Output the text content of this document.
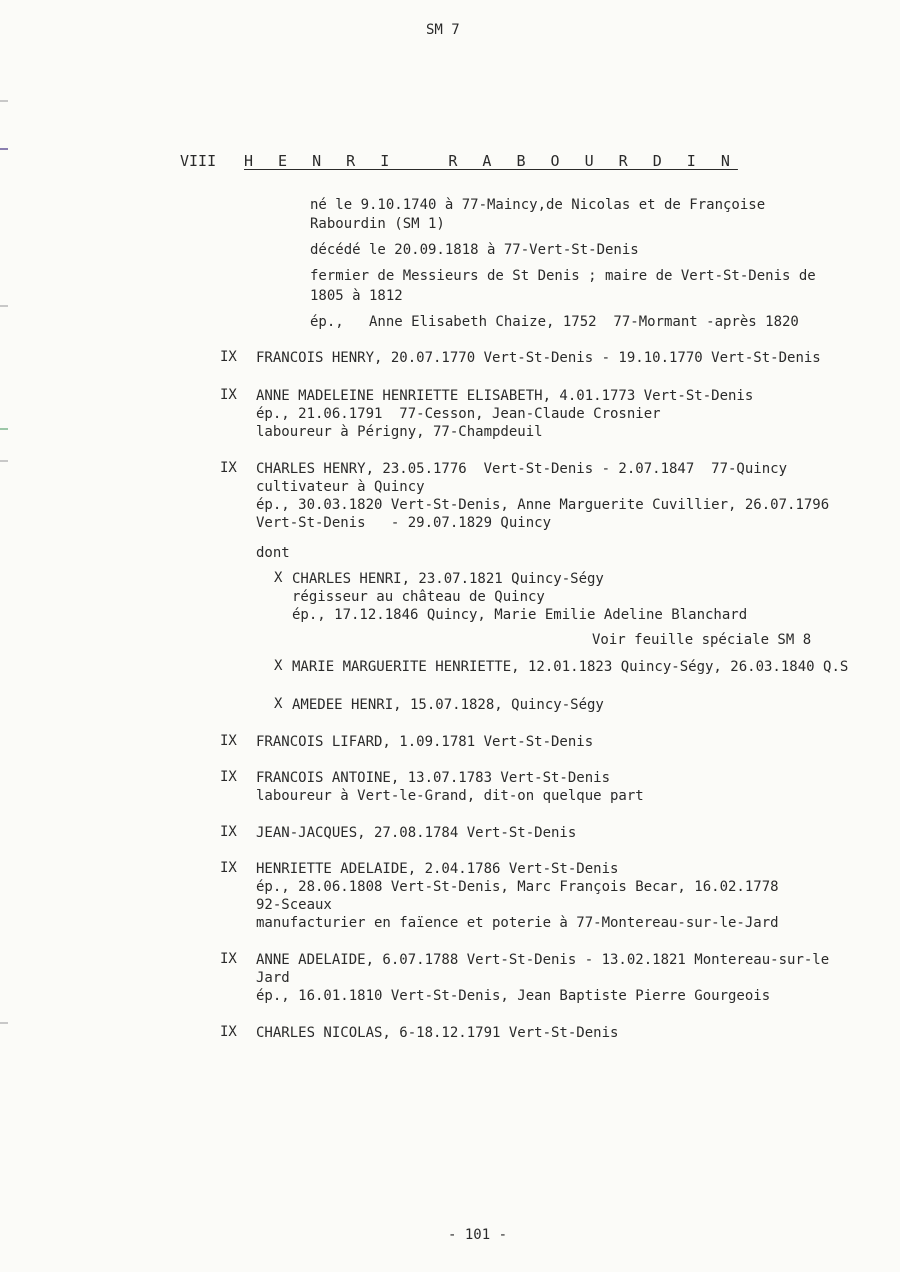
SM 7
VIII H E N R I   R A B O U R D I N
né le 9.10.1740 à 77-Maincy,de Nicolas et de Françoise
Rabourdin (SM 1)
décédé le 20.09.1818 à 77-Vert-St-Denis
fermier de Messieurs de St Denis ; maire de Vert-St-Denis de
1805 à 1812
ép.,   Anne Elisabeth Chaize, 1752  77-Mormant -après 1820
IX FRANCOIS HENRY, 20.07.1770 Vert-St-Denis - 19.10.1770 Vert-St-Denis
IX ANNE MADELEINE HENRIETTE ELISABETH, 4.01.1773 Vert-St-Denis
ép., 21.06.1791  77-Cesson, Jean-Claude Crosnier
laboureur à Périgny, 77-Champdeuil
IX CHARLES HENRY, 23.05.1776  Vert-St-Denis - 2.07.1847  77-Quincy
cultivateur à Quincy
ép., 30.03.1820 Vert-St-Denis, Anne Marguerite Cuvillier, 26.07.1796
Vert-St-Denis   - 29.07.1829 Quincy
dont
X CHARLES HENRI, 23.07.1821 Quincy-Ségy
régisseur au château de Quincy
ép., 17.12.1846 Quincy, Marie Emilie Adeline Blanchard
Voir feuille spéciale SM 8
X MARIE MARGUERITE HENRIETTE, 12.01.1823 Quincy-Ségy, 26.03.1840 Q.S
X AMEDEE HENRI, 15.07.1828, Quincy-Ségy
IX FRANCOIS LIFARD, 1.09.1781 Vert-St-Denis
IX FRANCOIS ANTOINE, 13.07.1783 Vert-St-Denis
laboureur à Vert-le-Grand, dit-on quelque part
IX JEAN-JACQUES, 27.08.1784 Vert-St-Denis
IX HENRIETTE ADELAIDE, 2.04.1786 Vert-St-Denis
ép., 28.06.1808 Vert-St-Denis, Marc François Becar, 16.02.1778
92-Sceaux
manufacturier en faïence et poterie à 77-Montereau-sur-le-Jard
IX ANNE ADELAIDE, 6.07.1788 Vert-St-Denis - 13.02.1821 Montereau-sur-le
Jard
ép., 16.01.1810 Vert-St-Denis, Jean Baptiste Pierre Gourgeois
IX CHARLES NICOLAS, 6-18.12.1791 Vert-St-Denis
- 101 -
